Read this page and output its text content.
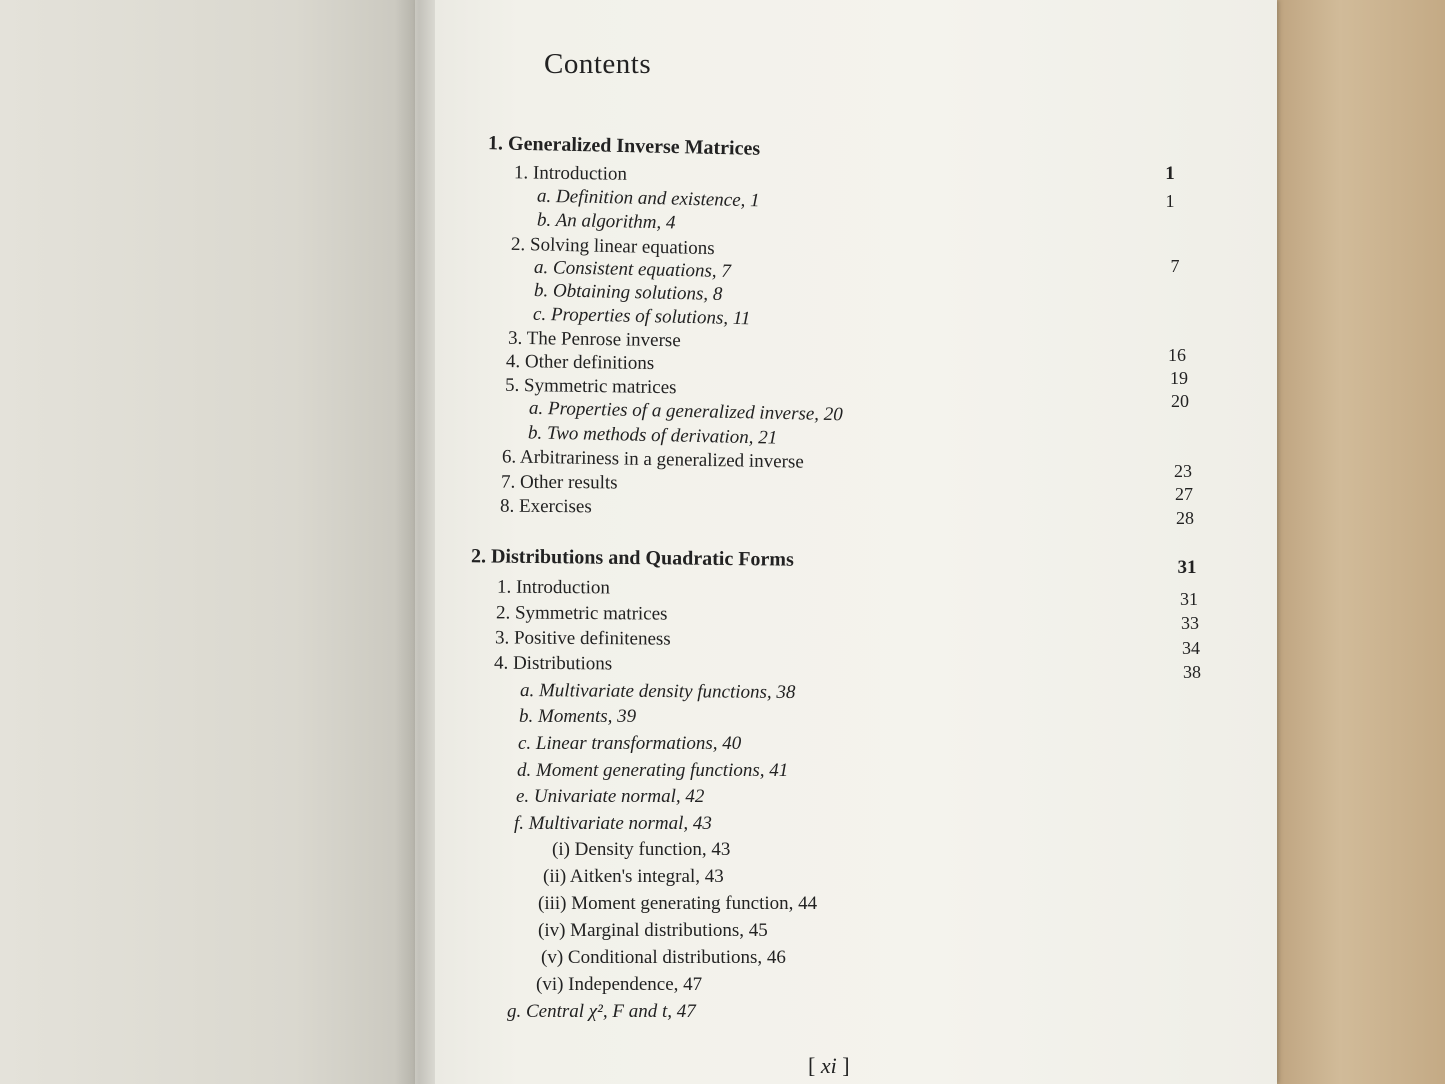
Contents
1. Generalized Inverse Matrices
1. Introduction
a. Definition and existence, 1
b. An algorithm, 4
2. Solving linear equations
a. Consistent equations, 7
b. Obtaining solutions, 8
c. Properties of solutions, 11
3. The Penrose inverse
4. Other definitions
5. Symmetric matrices
a. Properties of a generalized inverse, 20
b. Two methods of derivation, 21
6. Arbitrariness in a generalized inverse
7. Other results
8. Exercises
1
1
7
16
19
20
23
27
28
2. Distributions and Quadratic Forms	31
1. Introduction
2. Symmetric matrices
3. Positive definiteness
4. Distributions
a. Multivariate density functions, 38
b. Moments, 39
c. Linear transformations, 40
d. Moment generating functions, 41
e. Univariate normal, 42
f. Multivariate normal, 43
(i) Density function, 43
(ii) Aitken's integral, 43
(iii) Moment generating function, 44
(iv) Marginal distributions, 45
(v) Conditional distributions, 46
(vi) Independence, 47
g. Central χ², F and t, 47
31
33
34
38
[ xi ]
